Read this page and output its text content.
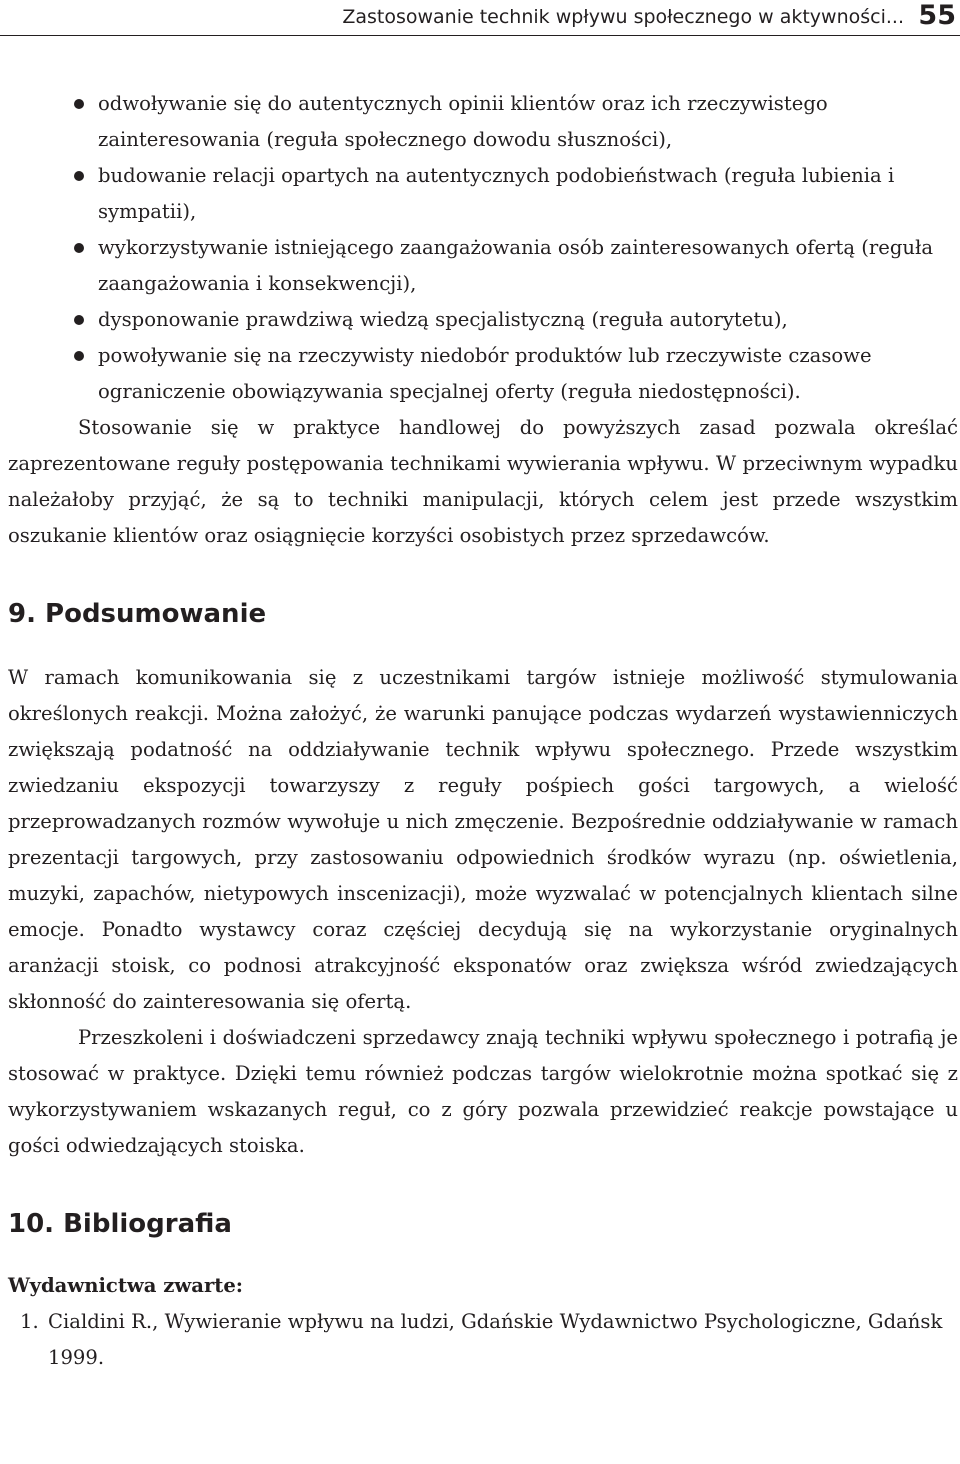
Zastosowanie technik wpływu społecznego w aktywności... 55
odwoływanie się do autentycznych opinii klientów oraz ich rzeczywistego zainteresowania (reguła społecznego dowodu słuszności),
budowanie relacji opartych na autentycznych podobieństwach (reguła lubienia i sympatii),
wykorzystywanie istniejącego zaangażowania osób zainteresowanych ofertą (reguła zaangażowania i konsekwencji),
dysponowanie prawdziwą wiedzą specjalistyczną (reguła autorytetu),
powoływanie się na rzeczywisty niedobór produktów lub rzeczywiste czasowe ograniczenie obowiązywania specjalnej oferty (reguła niedostępności).

Stosowanie się w praktyce handlowej do powyższych zasad pozwala określać zaprezentowane reguły postępowania technikami wywierania wpływu. W przeciwnym wypadku należałoby przyjąć, że są to techniki manipulacji, których celem jest przede wszystkim oszukanie klientów oraz osiągnięcie korzyści osobistych przez sprzedawców.

9. Podsumowanie

W ramach komunikowania się z uczestnikami targów istnieje możliwość stymulowania określonych reakcji. Można założyć, że warunki panujące podczas wydarzeń wystawienniczych zwiększają podatność na oddziaływanie technik wpływu społecznego. Przede wszystkim zwiedzaniu ekspozycji towarzyszy z reguły pośpiech gości targowych, a wielość przeprowadzanych rozmów wywołuje u nich zmęczenie. Bezpośrednie oddziaływanie w ramach prezentacji targowych, przy zastosowaniu odpowiednich środków wyrazu (np. oświetlenia, muzyki, zapachów, nietypowych inscenizacji), może wyzwalać w potencjalnych klientach silne emocje. Ponadto wystawcy coraz częściej decydują się na wykorzystanie oryginalnych aranżacji stoisk, co podnosi atrakcyjność eksponatów oraz zwiększa wśród zwiedzających skłonność do zainteresowania się ofertą.

Przeszkoleni i doświadczeni sprzedawcy znają techniki wpływu społecznego i potrafią je stosować w praktyce. Dzięki temu również podczas targów wielokrotnie można spotkać się z wykorzystywaniem wskazanych reguł, co z góry pozwala przewidzieć reakcje powstające u gości odwiedzających stoiska.

10. Bibliografia

Wydawnictwa zwarte:

1. Cialdini R., Wywieranie wpływu na ludzi, Gdańskie Wydawnictwo Psychologiczne, Gdańsk 1999.
